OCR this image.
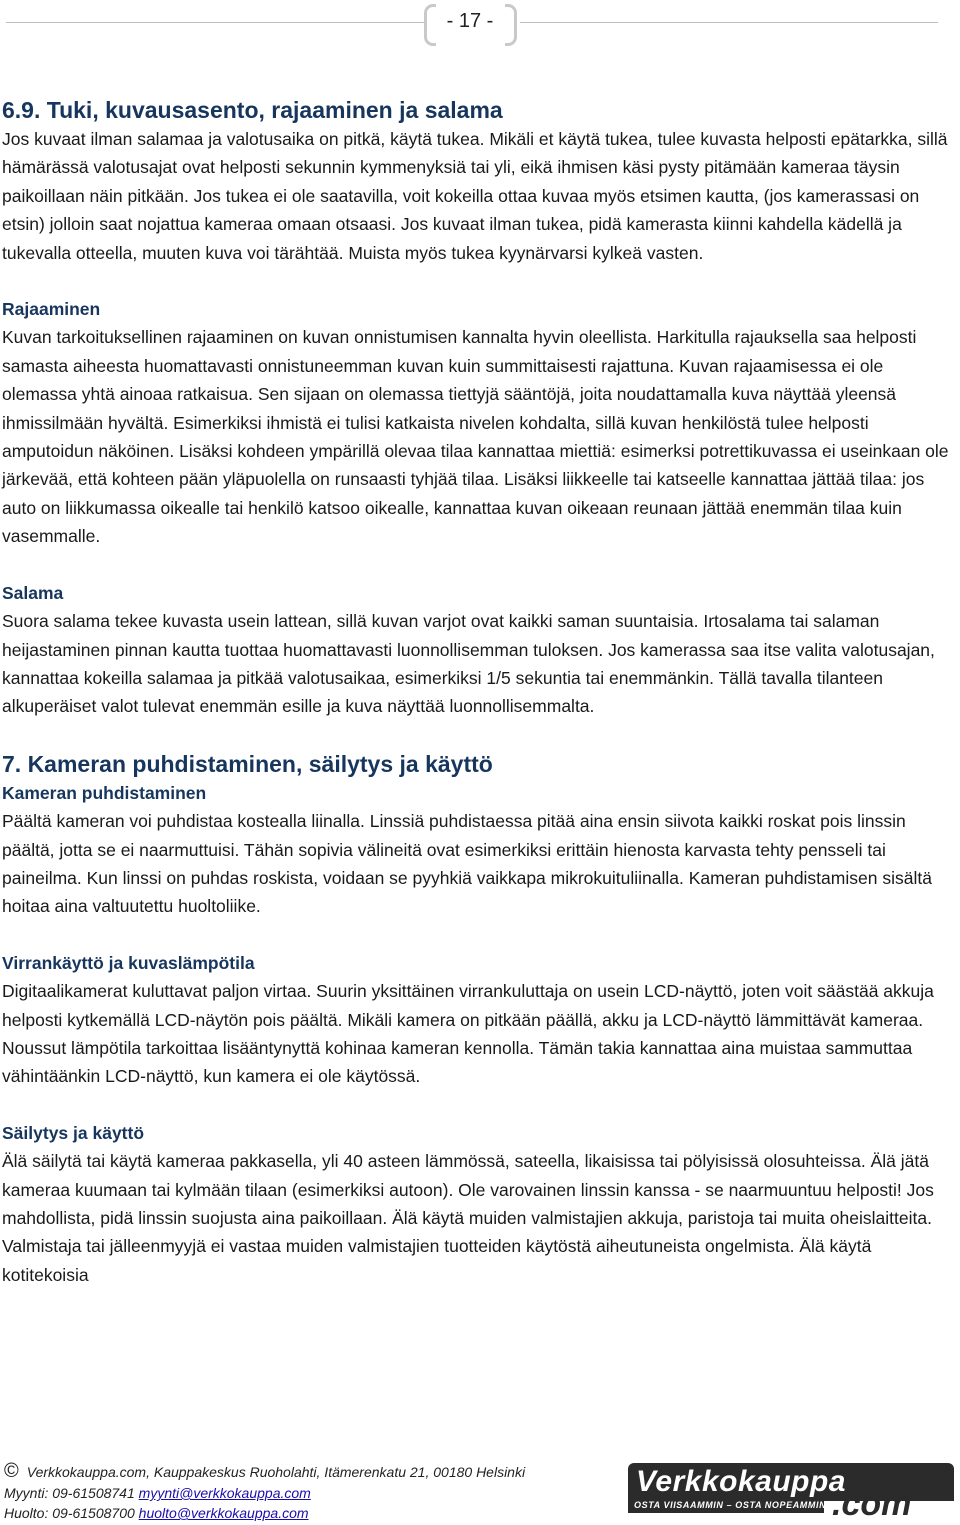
- 17 -
6.9. Tuki, kuvausasento, rajaaminen ja salama

Jos kuvaat ilman salamaa ja valotusaika on pitkä, käytä tukea. Mikäli et käytä tukea, tulee kuvasta helposti epätarkka, sillä hämärässä valotusajat ovat helposti sekunnin kymmenyksiä tai yli, eikä ihmisen käsi pysty pitämään kameraa täysin paikoillaan näin pitkään. Jos tukea ei ole saatavilla, voit kokeilla ottaa kuvaa myös etsimen kautta, (jos kamerassasi on etsin) jolloin saat nojattua kameraa omaan otsaasi. Jos kuvaat ilman tukea, pidä kamerasta kiinni kahdella kädellä ja tukevalla otteella, muuten kuva voi tärähtää. Muista myös tukea kyynärvarsi kylkeä vasten.

Rajaaminen

Kuvan tarkoituksellinen rajaaminen on kuvan onnistumisen kannalta hyvin oleellista. Harkitulla rajauksella saa helposti samasta aiheesta huomattavasti onnistuneemman kuvan kuin summittaisesti rajattuna. Kuvan rajaamisessa ei ole olemassa yhtä ainoaa ratkaisua. Sen sijaan on olemassa tiettyjä sääntöjä, joita noudattamalla kuva näyttää yleensä ihmissilmään hyvältä. Esimerkiksi ihmistä ei tulisi katkaista nivelen kohdalta, sillä kuvan henkilöstä tulee helposti amputoidun näköinen. Lisäksi kohdeen ympärillä olevaa tilaa kannattaa miettiä: esimerksi potrettikuvassa ei useinkaan ole järkevää, että kohteen pään yläpuolella on runsaasti tyhjää tilaa. Lisäksi liikkeelle tai katseelle kannattaa jättää tilaa: jos auto on liikkumassa oikealle tai henkilö katsoo oikealle, kannattaa kuvan oikeaan reunaan jättää enemmän tilaa kuin vasemmalle.

Salama

Suora salama tekee kuvasta usein lattean, sillä kuvan varjot ovat kaikki saman suuntaisia. Irtosalama tai salaman heijastaminen pinnan kautta tuottaa huomattavasti luonnollisemman tuloksen. Jos kamerassa saa itse valita valotusajan, kannattaa kokeilla salamaa ja pitkää valotusaikaa, esimerkiksi 1/5 sekuntia tai enemmänkin. Tällä tavalla tilanteen alkuperäiset valot tulevat enemmän esille ja kuva näyttää luonnollisemmalta.

7. Kameran puhdistaminen, säilytys ja käyttö
Kameran puhdistaminen

Päältä kameran voi puhdistaa kostealla liinalla. Linssiä puhdistaessa pitää aina ensin siivota kaikki roskat pois linssin päältä, jotta se ei naarmuttuisi. Tähän sopivia välineitä ovat esimerkiksi erittäin hienosta karvasta tehty pensseli tai paineilma. Kun linssi on puhdas roskista, voidaan se pyyhkiä vaikkapa mikrokuituliinalla. Kameran puhdistamisen sisältä hoitaa aina valtuutettu huoltoliike.

Virrankäyttö ja kuvaslämpötila

Digitaalikamerat kuluttavat paljon virtaa. Suurin yksittäinen virrankuluttaja on usein LCD-näyttö, joten voit säästää akkuja helposti kytkemällä LCD-näytön pois päältä. Mikäli kamera on pitkään päällä, akku ja LCD-näyttö lämmittävät kameraa. Noussut lämpötila tarkoittaa lisääntynyttä kohinaa kameran kennolla. Tämän takia kannattaa aina muistaa sammuttaa vähintäänkin LCD-näyttö, kun kamera ei ole käytössä.

Säilytys ja käyttö

Älä säilytä tai käytä kameraa pakkasella, yli 40 asteen lämmössä, sateella, likaisissa tai pölyisissä olosuhteissa. Älä jätä kameraa kuumaan tai kylmään tilaan (esimerkiksi autoon). Ole varovainen linssin kanssa - se naarmuuntuu helposti! Jos mahdollista, pidä linssin suojusta aina paikoillaan. Älä käytä muiden valmistajien akkuja, paristoja tai muita oheislaitteita. Valmistaja tai jälleenmyyjä ei vastaa muiden valmistajien tuotteiden käytöstä aiheutuneista ongelmista. Älä käytä kotitekoisia

© Verkkokauppa.com, Kauppakeskus Ruoholahti, Itämerenkatu 21, 00180 Helsinki
Myynti: 09-61508741 myynti@verkkokauppa.com
Huolto: 09-61508700 huolto@verkkokauppa.com
Verkkokauppa
OSTA VIISAAMMIN – OSTA NOPEAMMIN .com
